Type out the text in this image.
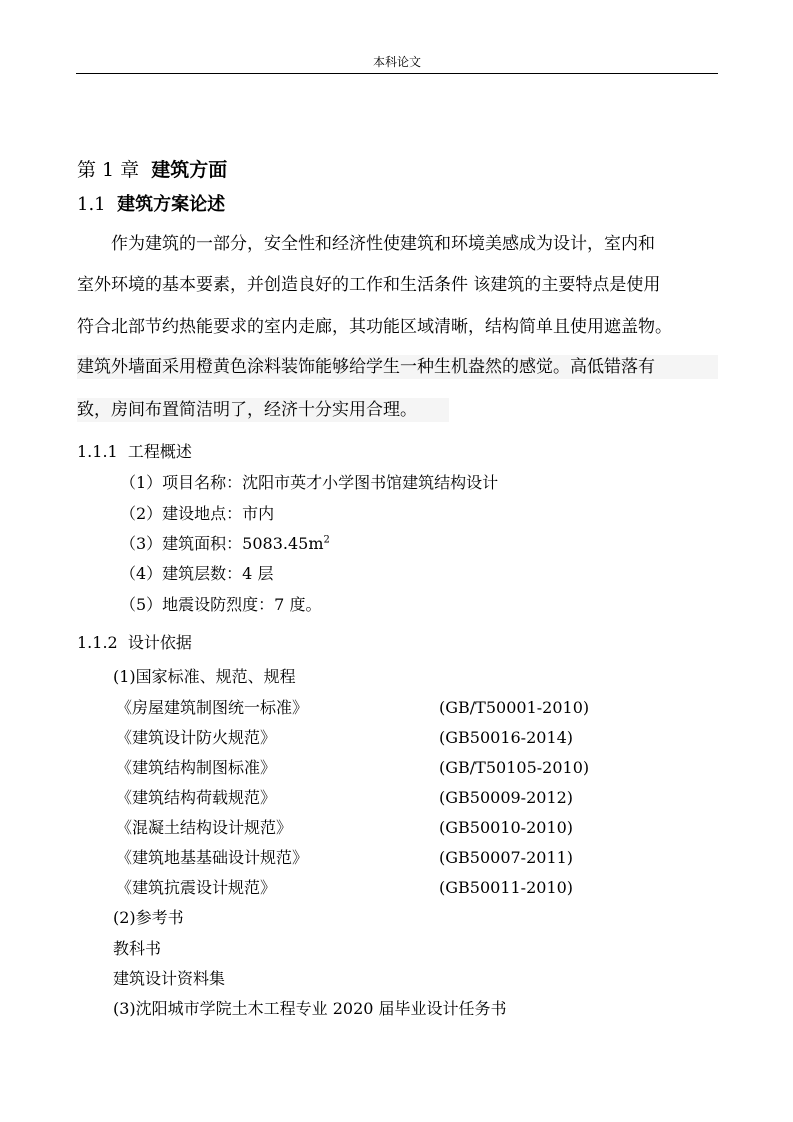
本科论文
第 1 章 建筑方面
1.1 建筑方案论述
作为建筑的一部分，安全性和经济性使建筑和环境美感成为设计，室内和
室外环境的基本要素，并创造良好的工作和生活条件 该建筑的主要特点是使用
符合北部节约热能要求的室内走廊，其功能区域清晰，结构简单且使用遮盖物。
建筑外墙面采用橙黄色涂料装饰能够给学生一种生机盎然的感觉。高低错落有
致，房间布置简洁明了，经济十分实用合理。
1.1.1 工程概述
（1）项目名称：沈阳市英才小学图书馆建筑结构设计
（2）建设地点：市内
（3）建筑面积：$5083.45m^2$
（4）建筑层数：4 层
（5）地震设防烈度：7 度。
1.1.2 设计依据
(1)国家标准、规范、规程
《房屋建筑制图统一标准》	(GB/T50001-2010)
《建筑设计防火规范》	(GB50016-2014)
《建筑结构制图标准》	(GB/T50105-2010)
《建筑结构荷载规范》	(GB50009-2012)
《混凝土结构设计规范》	(GB50010-2010)
《建筑地基基础设计规范》	(GB50007-2011)
《建筑抗震设计规范》	(GB50011-2010)
(2)参考书
教科书
建筑设计资料集
(3)沈阳城市学院土木工程专业 2020 届毕业设计任务书
